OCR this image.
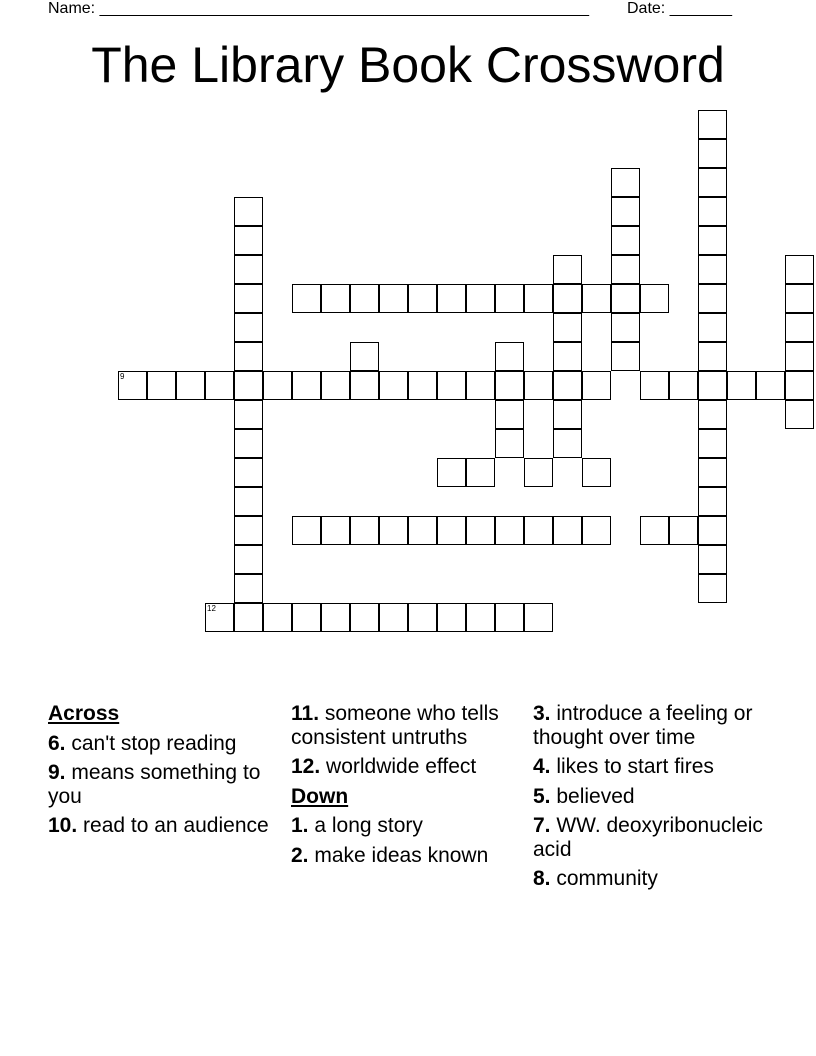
Name: _______________________________________________________ Date: _______
The Library Book Crossword
9
12
Across
6. can't stop reading
9. means something to you
10. read to an audience
11. someone who tells consistent untruths
12. worldwide effect
Down
1. a long story
2. make ideas known
3. introduce a feeling or thought over time
4. likes to start fires
5. believed
7. WW. deoxyribonucleic acid
8. community
